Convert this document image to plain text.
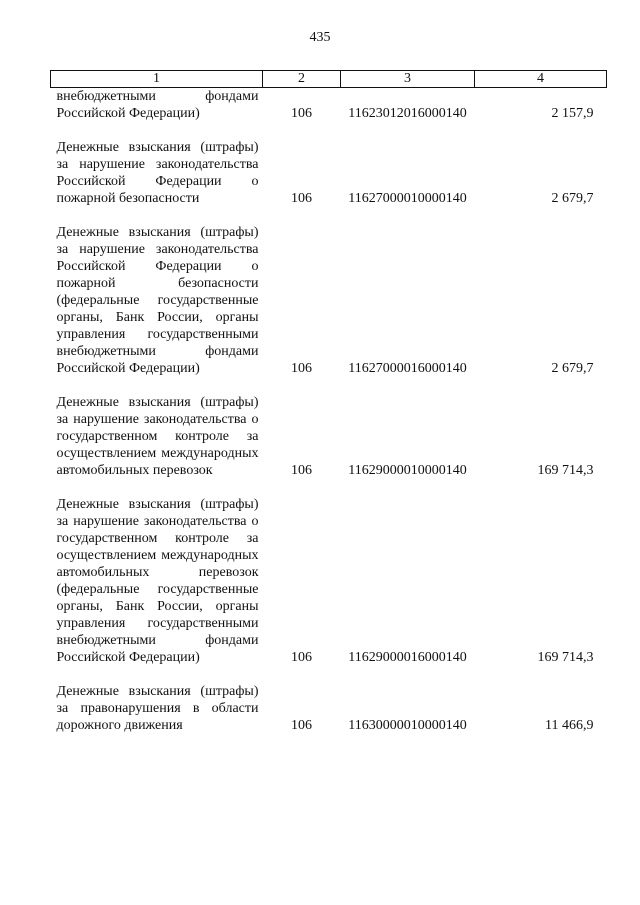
435
1	2	3	4
внебюджетными фондами Российской Федерации)	106	11623012016000140	2 157,9
Денежные взыскания (штрафы) за нарушение законодательства Российской Федерации о пожарной безопасности	106	11627000010000140	2 679,7
Денежные взыскания (штрафы) за нарушение законодательства Российской Федерации о пожарной безопасности (федеральные государственные органы, Банк России, органы управления государственными внебюджетными фондами Российской Федерации)	106	11627000016000140	2 679,7
Денежные взыскания (штрафы) за нарушение законодательства о государственном контроле за осуществлением международных автомобильных перевозок	106	11629000010000140	169 714,3
Денежные взыскания (штрафы) за нарушение законодательства о государственном контроле за осуществлением международных автомобильных перевозок (федеральные государственные органы, Банк России, органы управления государственными внебюджетными фондами Российской Федерации)	106	11629000016000140	169 714,3
Денежные взыскания (штрафы) за правонарушения в области дорожного движения	106	11630000010000140	11 466,9
